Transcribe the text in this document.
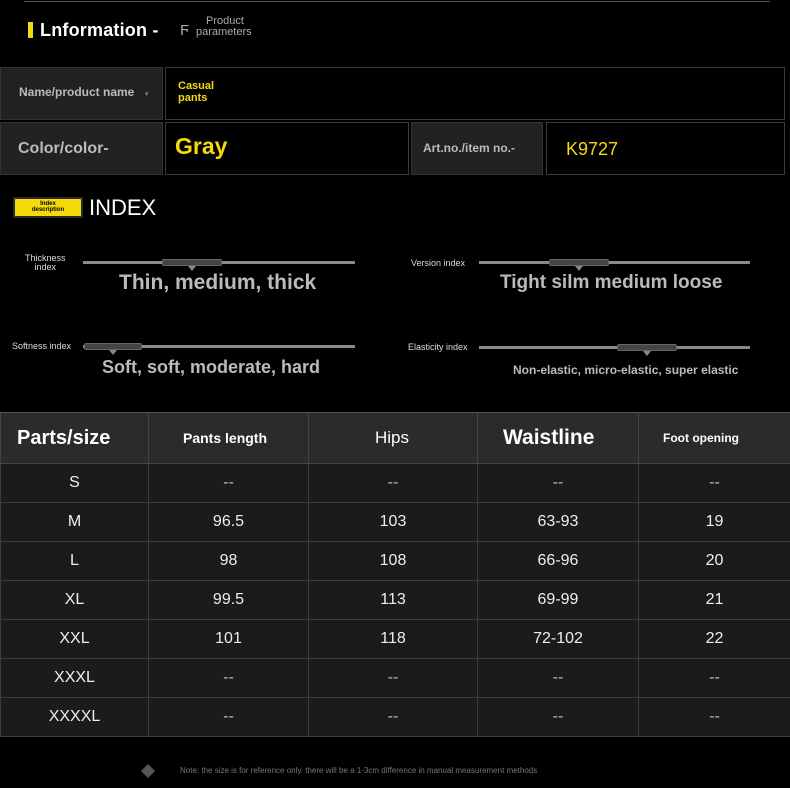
Lnformation - Ϝ
Product
parameters
Name/product name ▾
Casual
pants
Color/color-	Gray	Art.no./item no.-	K9727
Index
description	INDEX
Thickness
index
Thin, medium, thick
Version index
Tight silm medium loose
Softness index
Soft, soft, moderate, hard
Elasticity index
Non-elastic, micro-elastic, super elastic
Parts/size	Pants length	Hips	Waistline	Foot opening
S	--	--	--	--
M	96.5	103	63-93	19
L	98	108	66-96	20
XL	99.5	113	69-99	21
XXL	101	118	72-102	22
XXXL	--	--	--	--
XXXXL	--	--	--	--
Note: the size is for reference only. there will be a 1-3cm difference in manual measurement methods
